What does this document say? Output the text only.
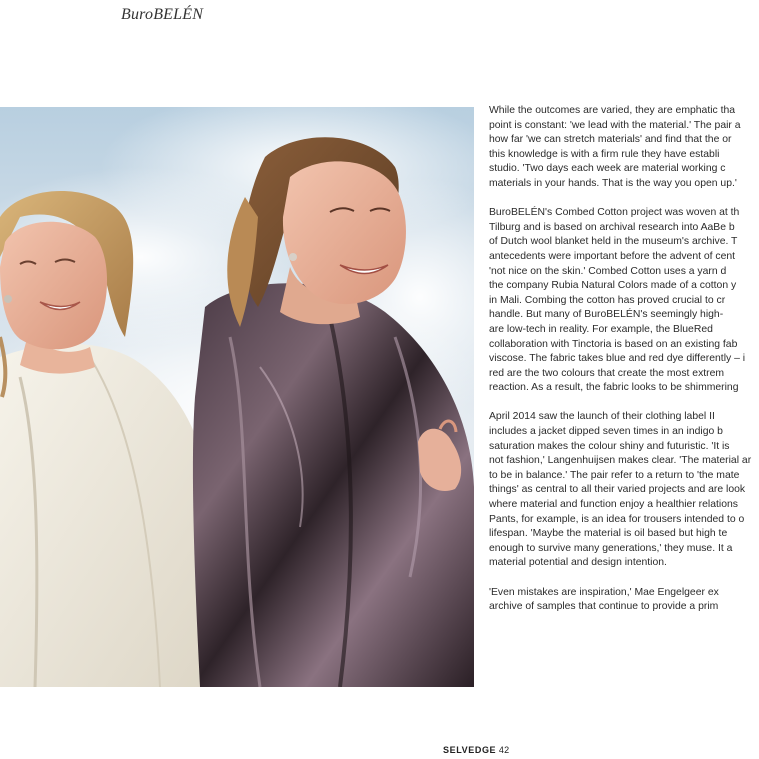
BuroBELÉN

While the outcomes are varied, they are emphatic tha
point is constant: 'we lead with the material.' The pair a
how far 'we can stretch materials' and find that the or
this knowledge is with a firm rule they have establi
studio. 'Two days each week are material working c
materials in your hands. That is the way you open up.'

BuroBELÉN's Combed Cotton project was woven at th
Tilburg and is based on archival research into AaBe b
of Dutch wool blanket held in the museum's archive. T
antecedents were important before the advent of cent
'not nice on the skin.' Combed Cotton uses a yarn d
the company Rubia Natural Colors made of a cotton y
in Mali. Combing the cotton has proved crucial to cr
handle. But many of BuroBELÉN's seemingly high-
are low-tech in reality. For example, the BlueRed
collaboration with Tinctoria is based on an existing fab
viscose. The fabric takes blue and red dye differently – i
red are the two colours that create the most extrem
reaction. As a result, the fabric looks to be shimmering

April 2014 saw the launch of their clothing label II
includes a jacket dipped seven times in an indigo b
saturation makes the colour shiny and futuristic. 'It is
not fashion,' Langenhuijsen makes clear. 'The material ar
to be in balance.' The pair refer to a return to 'the mate
things' as central to all their varied projects and are look
where material and function enjoy a healthier relations
Pants, for example, is an idea for trousers intended to o
lifespan. 'Maybe the material is oil based but high te
enough to survive many generations,' they muse. It a
material potential and design intention.

'Even mistakes are inspiration,' Mae Engelgeer ex
archive of samples that continue to provide a prim

SELVEDGE 42
